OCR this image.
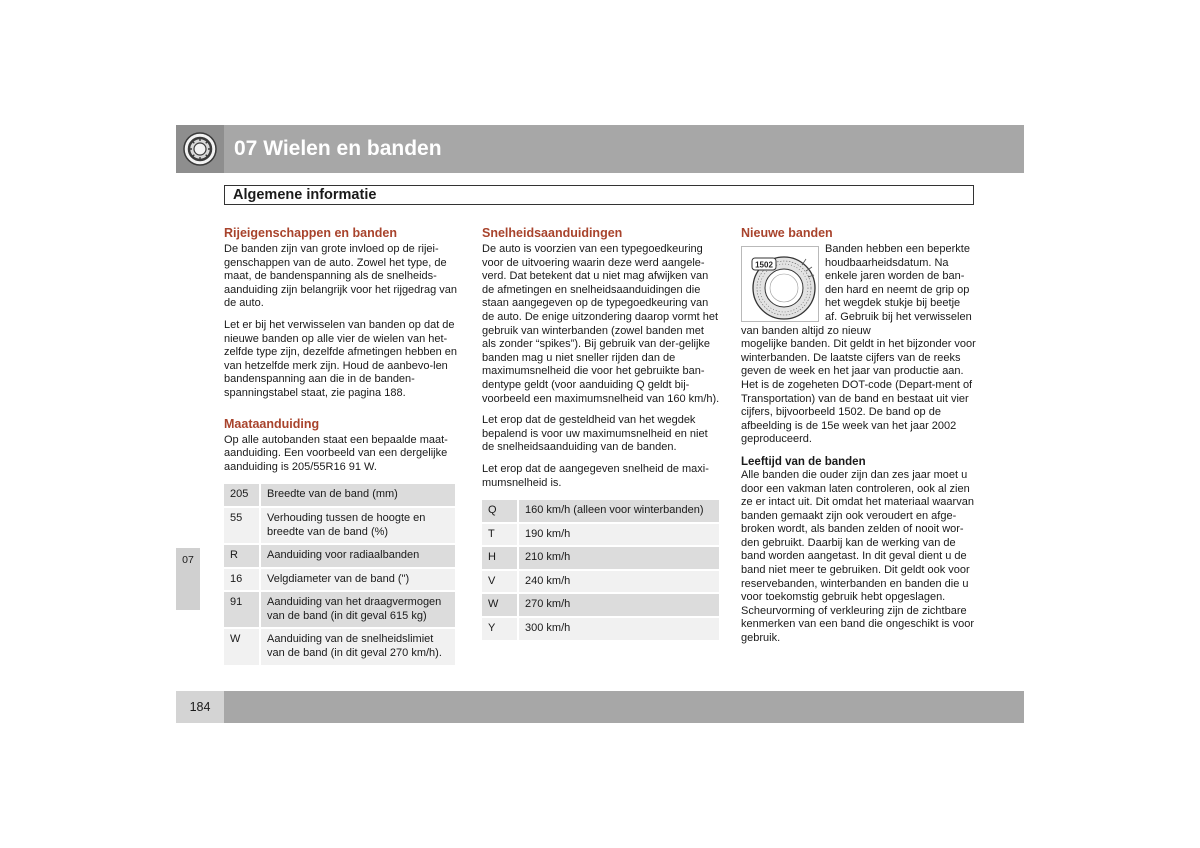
07 Wielen en banden
Algemene informatie
07
Rijeigenschappen en banden

De banden zijn van grote invloed op de rijei-genschappen van de auto. Zowel het type, de maat, de bandenspanning als de snelheids-aanduiding zijn belangrijk voor het rijgedrag van de auto.

Let er bij het verwisselen van banden op dat de nieuwe banden op alle vier de wielen van het-zelfde type zijn, dezelfde afmetingen hebben en van hetzelfde merk zijn. Houd de aanbevo-len bandenspanning aan die in de banden-spanningstabel staat, zie pagina 188.

Maataanduiding

Op alle autobanden staat een bepaalde maat-aanduiding. Een voorbeeld van een dergelijke aanduiding is 205/55R16 91 W.

205	Breedte van de band (mm)
55	Verhouding tussen de hoogte en breedte van de band (%)
R	Aanduiding voor radiaalbanden
16	Velgdiameter van de band (")
91	Aanduiding van het draagvermogen van de band (in dit geval 615 kg)
W	Aanduiding van de snelheidslimiet van de band (in dit geval 270 km/h).
Snelheidsaanduidingen

De auto is voorzien van een typegoedkeuring voor de uitvoering waarin deze werd aangele-verd. Dat betekent dat u niet mag afwijken van de afmetingen en snelheidsaanduidingen die staan aangegeven op de typegoedkeuring van de auto. De enige uitzondering daarop vormt het gebruik van winterbanden (zowel banden met als zonder “spikes”). Bij gebruik van der-gelijke banden mag u niet sneller rijden dan de maximumsnelheid die voor het gebruikte ban-dentype geldt (voor aanduiding Q geldt bij-voorbeeld een maximumsnelheid van 160 km/h).

Let erop dat de gesteldheid van het wegdek bepalend is voor uw maximumsnelheid en niet de snelheidsaanduiding van de banden.

Let erop dat de aangegeven snelheid de maxi-mumsnelheid is.

Q	160 km/h (alleen voor winterbanden)
T	190 km/h
H	210 km/h
V	240 km/h
W	270 km/h
Y	300 km/h
Nieuwe banden
1502
Banden hebben een beperkte
houdbaarheidsdatum. Na
enkele jaren worden de ban-
den hard en neemt de grip op
het wegdek stukje bij beetje
af. Gebruik bij het verwisselen
van banden altijd zo nieuw

mogelijke banden. Dit geldt in het bijzonder voor winterbanden. De laatste cijfers van de reeks geven de week en het jaar van productie aan. Het is de zogeheten DOT-code (Depart-ment of Transportation) van de band en bestaat uit vier cijfers, bijvoorbeeld 1502. De band op de afbeelding is de 15e week van het jaar 2002 geproduceerd.

Leeftijd van de banden

Alle banden die ouder zijn dan zes jaar moet u door een vakman laten controleren, ook al zien ze er intact uit. Dit omdat het materiaal waarvan banden gemaakt zijn ook veroudert en afge-broken wordt, als banden zelden of nooit wor-den gebruikt. Daarbij kan de werking van de band worden aangetast. In dit geval dient u de band niet meer te gebruiken. Dit geldt ook voor reservebanden, winterbanden en banden die u voor toekomstig gebruik hebt opgeslagen. Scheurvorming of verkleuring zijn de zichtbare kenmerken van een band die ongeschikt is voor gebruik.

184
